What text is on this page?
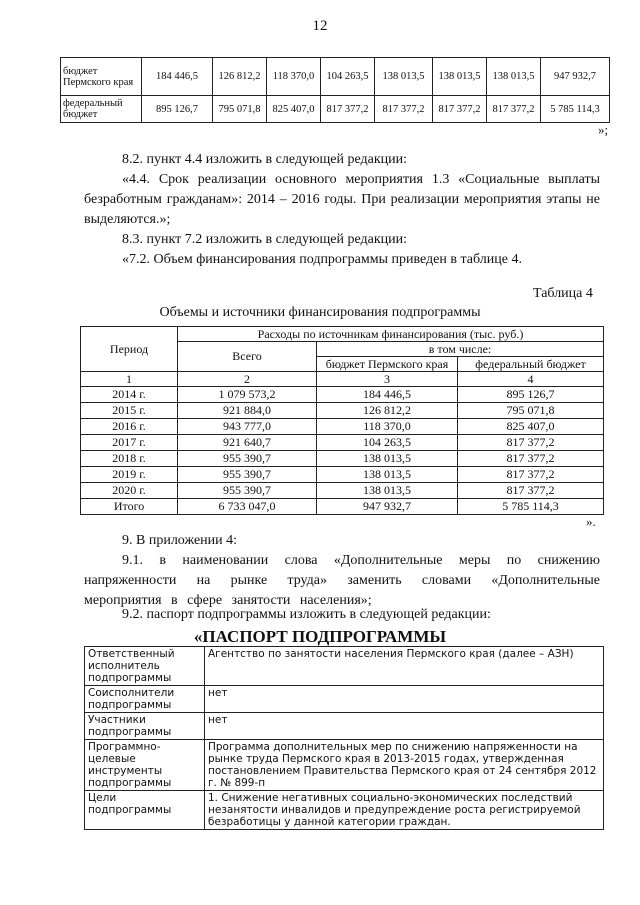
12
бюджет Пермского края	184 446,5	126 812,2	118 370,0	104 263,5	138 013,5	138 013,5	138 013,5	947 932,7
федеральный бюджет	895 126,7	795 071,8	825 407,0	817 377,2	817 377,2	817 377,2	817 377,2	5 785 114,3
»;
8.2. пункт 4.4 изложить в следующей редакции:
«4.4. Срок реализации основного мероприятия 1.3 «Социальные выплаты безработным гражданам»: 2014 – 2016 годы. При реализации мероприятия этапы не выделяются.»;
8.3. пункт 7.2 изложить в следующей редакции:
«7.2. Объем финансирования подпрограммы приведен в таблице 4.
Таблица 4
Объемы и источники финансирования подпрограммы
Период	Расходы по источникам финансирования (тыс. руб.)		
	Всего	в том числе:	
		бюджет Пермского края	федеральный бюджет
1	2	3	4
2014 г.	1 079 573,2	184 446,5	895 126,7
2015 г.	921 884,0	126 812,2	795 071,8
2016 г.	943 777,0	118 370,0	825 407,0
2017 г.	921 640,7	104 263,5	817 377,2
2018 г.	955 390,7	138 013,5	817 377,2
2019 г.	955 390,7	138 013,5	817 377,2
2020 г.	955 390,7	138 013,5	817 377,2
Итого	6 733 047,0	947 932,7	5 785 114,3
».
9. В приложении 4:
9.1. в наименовании слова «Дополнительные меры по снижению напряженности на рынке труда» заменить словами «Дополнительные мероприятия в сфере занятости населения»;
9.2. паспорт подпрограммы изложить в следующей редакции:
«ПАСПОРТ ПОДПРОГРАММЫ
Ответственный исполнитель подпрограммы	Агентство по занятости населения Пермского края (далее – АЗН)
Соисполнители подпрограммы	нет
Участники подпрограммы	нет
Программно-целевые инструменты подпрограммы	Программа дополнительных мер по снижению напряженности на рынке труда Пермского края в 2013-2015 годах, утвержденная постановлением Правительства Пермского края от 24 сентября 2012 г. № 899-п
Цели подпрограммы	1. Снижение негативных социально-экономических последствий незанятости инвалидов и предупреждение роста регистрируемой безработицы у данной категории граждан.
